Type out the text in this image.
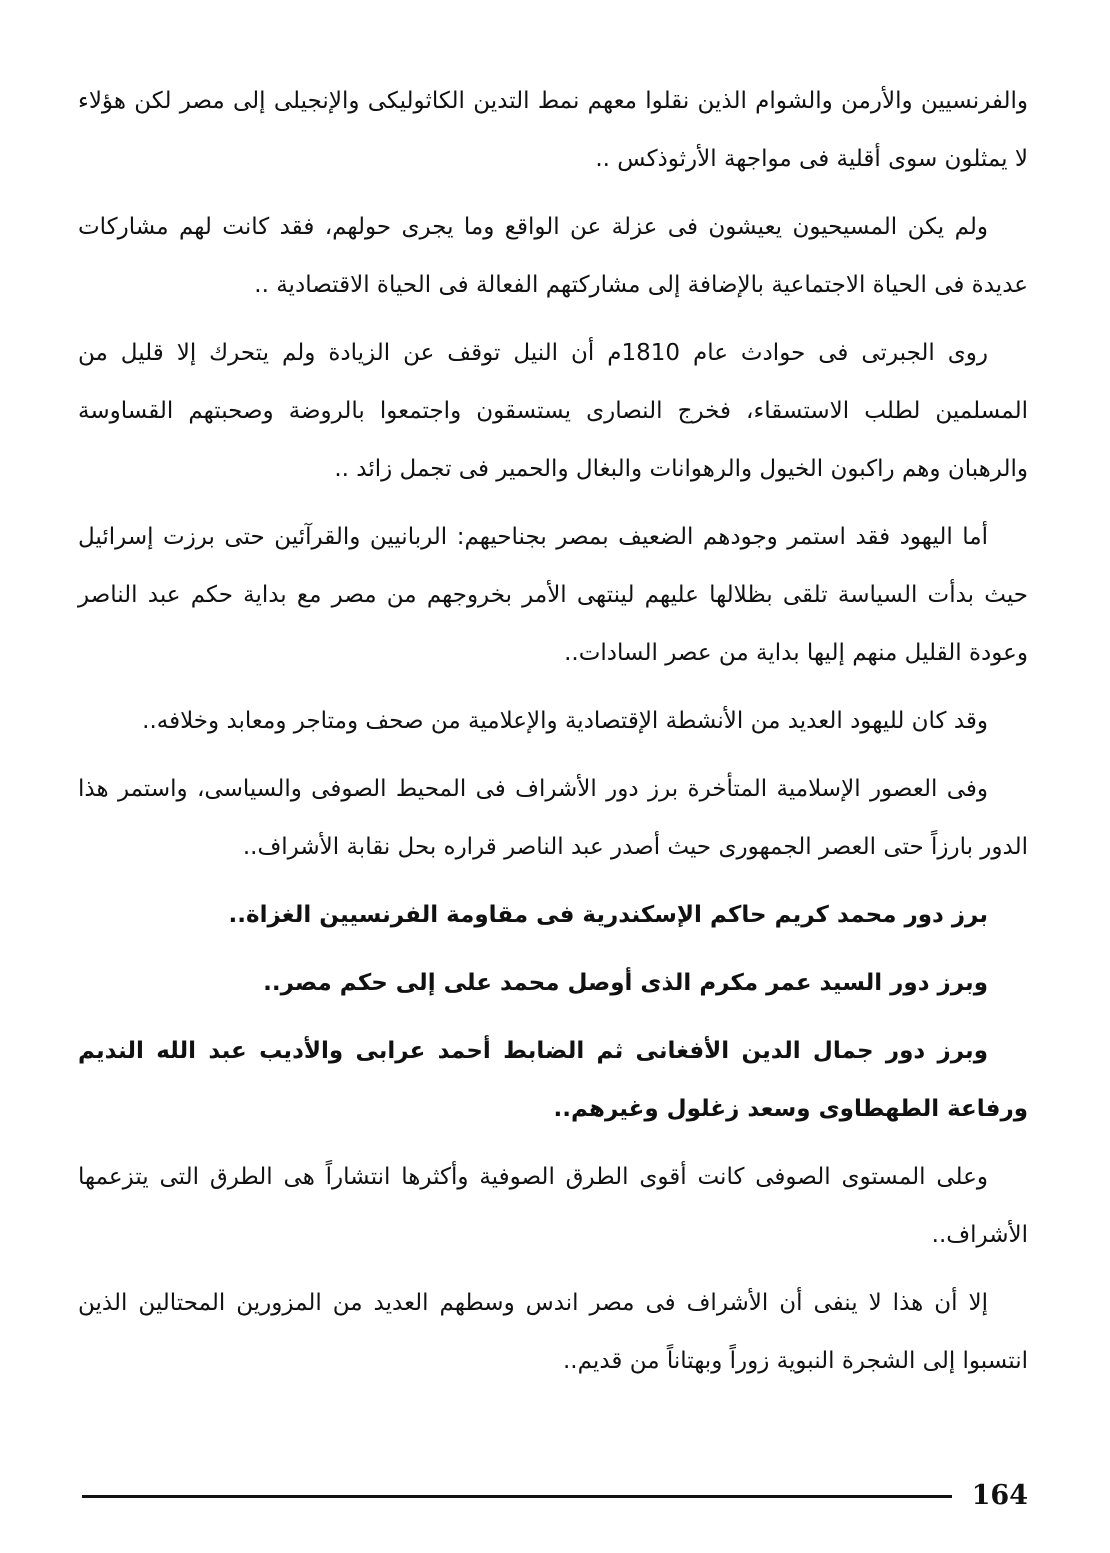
والفرنسيين والأرمن والشوام الذين نقلوا معهم نمط التدين الكاثوليكى والإنجيلى إلى مصر لكن هؤلاء لا يمثلون سوى أقلية فى مواجهة الأرثوذكس ..

ولم يكن المسيحيون يعيشون فى عزلة عن الواقع وما يجرى حولهم، فقد كانت لهم مشاركات عديدة فى الحياة الاجتماعية بالإضافة إلى مشاركتهم الفعالة فى الحياة الاقتصادية ..

روى الجبرتى فى حوادث عام 1810م أن النيل توقف عن الزيادة ولم يتحرك إلا قليل من المسلمين لطلب الاستسقاء، فخرج النصارى يستسقون واجتمعوا بالروضة وصحبتهم القساوسة والرهبان وهم راكبون الخيول والرهوانات والبغال والحمير فى تجمل زائد ..

أما اليهود فقد استمر وجودهم الضعيف بمصر بجناحيهم: الربانيين والقرآئين حتى برزت إسرائيل حيث بدأت السياسة تلقى بظلالها عليهم لينتهى الأمر بخروجهم من مصر مع بداية حكم عبد الناصر وعودة القليل منهم إليها بداية من عصر السادات..

وقد كان لليهود العديد من الأنشطة الإقتصادية والإعلامية من صحف ومتاجر ومعابد وخلافه..

وفى العصور الإسلامية المتأخرة برز دور الأشراف فى المحيط الصوفى والسياسى، واستمر هذا الدور بارزاً حتى العصر الجمهورى حيث أصدر عبد الناصر قراره بحل نقابة الأشراف..

برز دور محمد كريم حاكم الإسكندرية فى مقاومة الفرنسيين الغزاة..

وبرز دور السيد عمر مكرم الذى أوصل محمد على إلى حكم مصر..

وبرز دور جمال الدين الأفغانى ثم الضابط أحمد عرابى والأديب عبد الله النديم ورفاعة الطهطاوى وسعد زغلول وغيرهم..

وعلى المستوى الصوفى كانت أقوى الطرق الصوفية وأكثرها انتشاراً هى الطرق التى يتزعمها الأشراف..

إلا أن هذا لا ينفى أن الأشراف فى مصر اندس وسطهم العديد من المزورين المحتالين الذين انتسبوا إلى الشجرة النبوية زوراً وبهتاناً من قديم..

164
